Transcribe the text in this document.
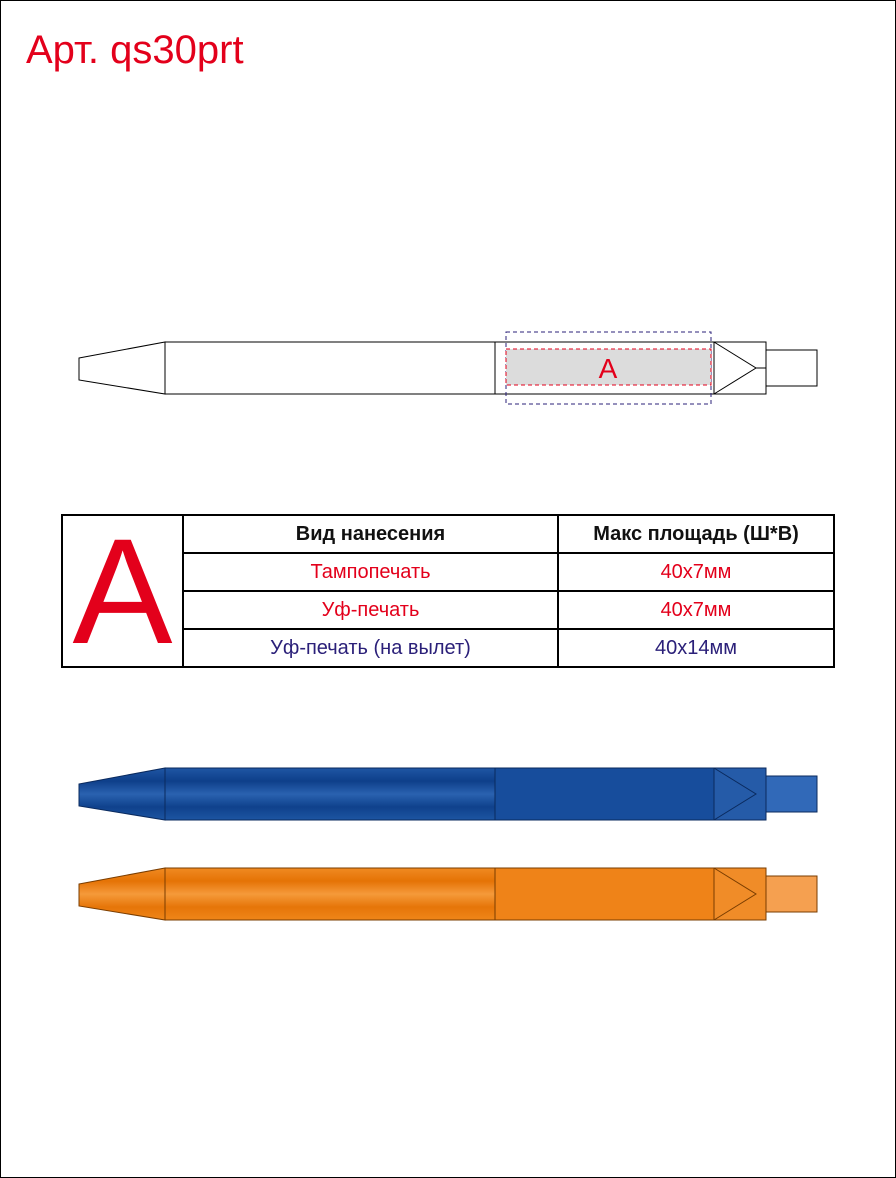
Арт. qs30prt
A
A	Вид нанесения	Макс площадь (Ш*В)
	Тампопечать	40x7мм
	Уф-печать	40x7мм
	Уф-печать (на вылет)	40x14мм
